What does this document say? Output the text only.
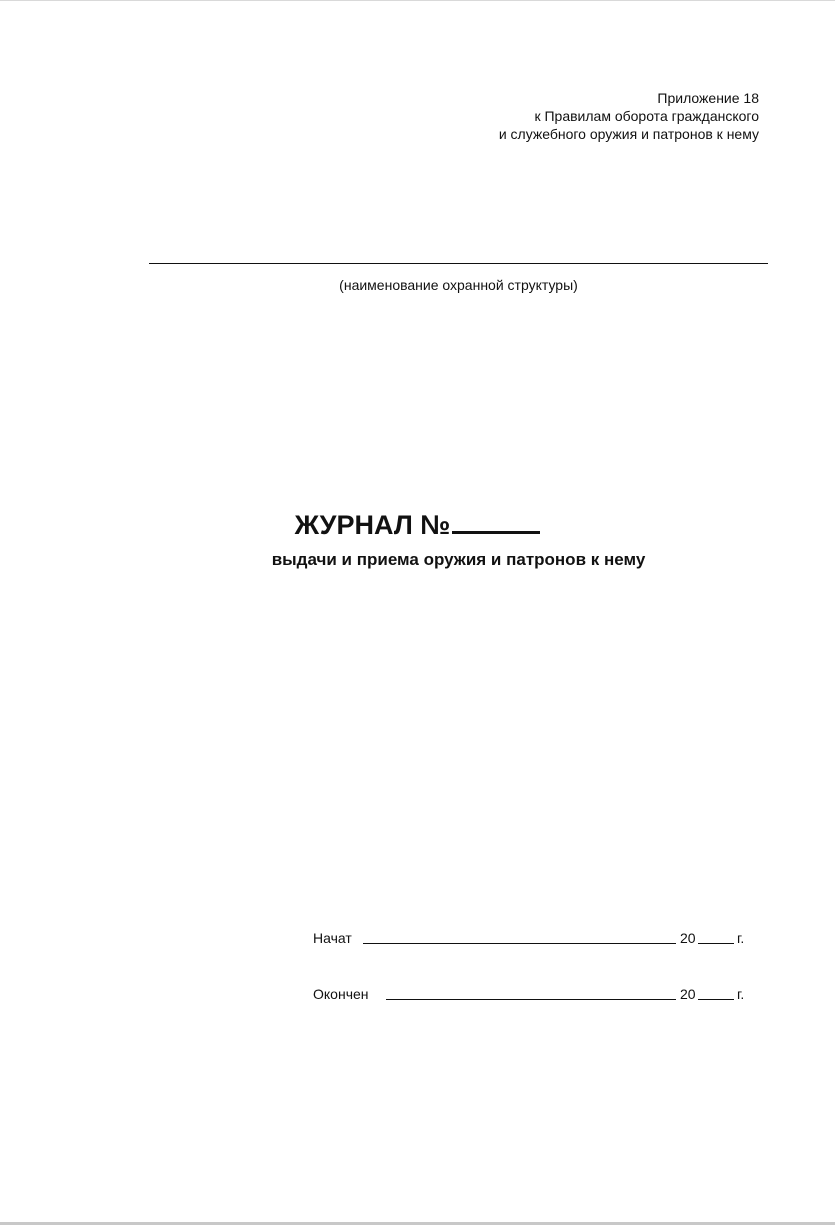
Приложение 18
к Правилам оборота гражданского
и служебного оружия и патронов к нему
(наименование охранной структуры)
ЖУРНАЛ №
выдачи и приема оружия и патронов к нему
Начат	20	г.
Окончен	20	г.
